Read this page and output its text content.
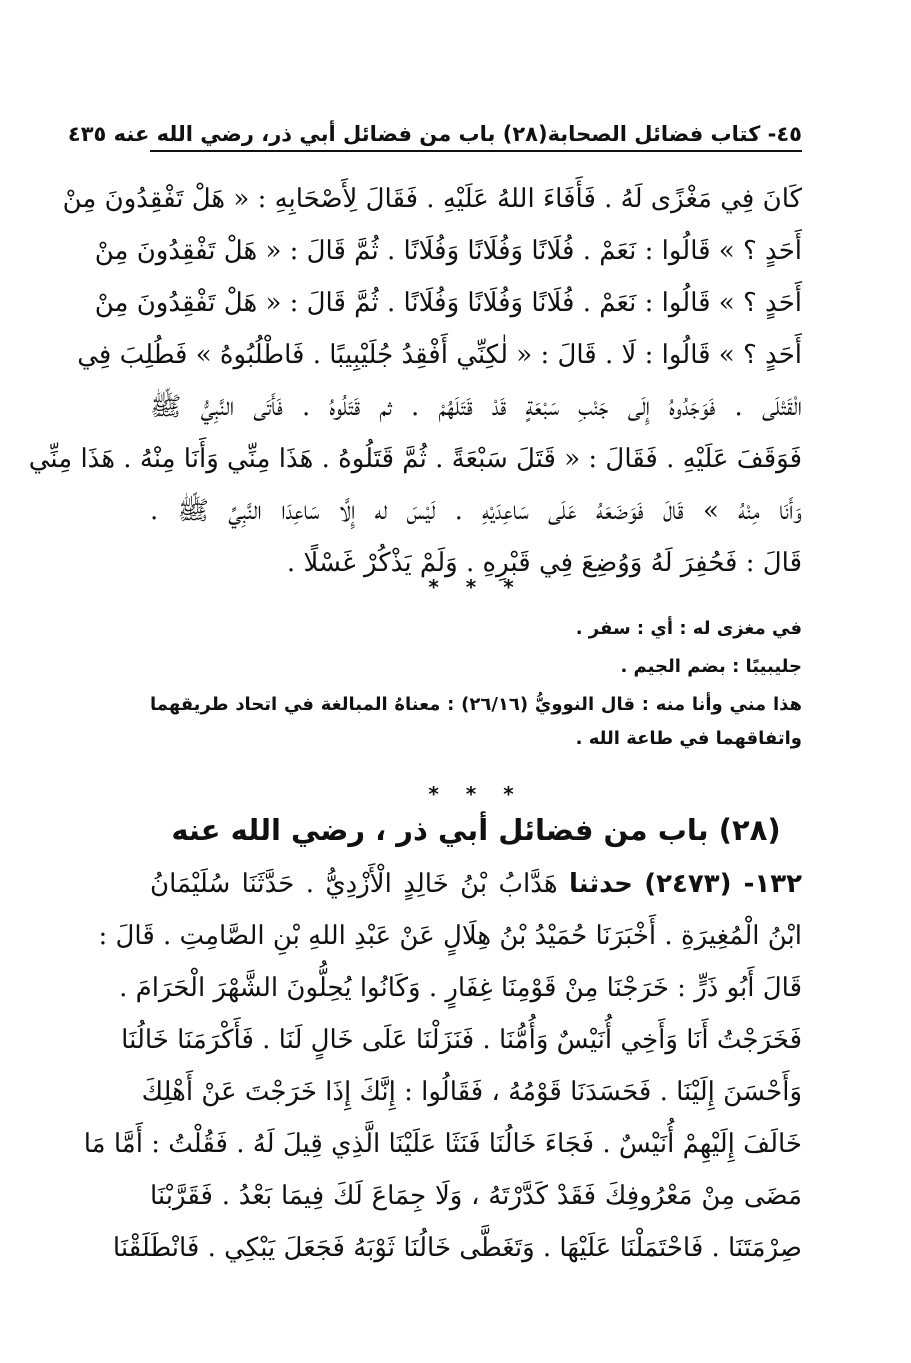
٤٥- كتاب فضائل الصحابة
(٢٨) باب من فضائل أبي ذر، رضي الله عنه ٤٣٥
كَانَ فِي مَغْزًى لَهُ . فَأَفَاءَ اللهُ عَلَيْهِ . فَقَالَ لِأَصْحَابِهِ : « هَلْ تَفْقِدُونَ مِنْ
أَحَدٍ ؟ » قَالُوا : نَعَمْ . فُلَانًا وَفُلَانًا وَفُلَانًا . ثُمَّ قَالَ : « هَلْ تَفْقِدُونَ مِنْ
أَحَدٍ ؟ » قَالُوا : نَعَمْ . فُلَانًا وَفُلَانًا وَفُلَانًا . ثُمَّ قَالَ : « هَلْ تَفْقِدُونَ مِنْ
أَحَدٍ ؟ » قَالُوا : لَا . قَالَ : « لٰكِنِّي أَفْقِدُ جُلَيْبِيبًا . فَاطْلُبُوهُ » فَطُلِبَ فِي
الْقَتْلَى . فَوَجَدُوهُ إِلَى جَنْبِ سَبْعَةٍ قَدْ قَتَلَهُمْ . ثم قَتَلُوهُ . فَأَتَى النَّبِيُّ ﷺ
فَوَقَفَ عَلَيْهِ . فَقَالَ : « قَتَلَ سَبْعَةً . ثُمَّ قَتَلُوهُ . هَذَا مِنِّي وَأَنَا مِنْهُ . هَذَا مِنِّي
وَأَنَا مِنْهُ » قَالَ فَوَضَعَهُ عَلَى سَاعِدَيْهِ . لَيْسَ له إِلَّا سَاعِدَا النَّبِيِّ ﷺ .
قَالَ : فَحُفِرَ لَهُ وَوُضِعَ فِي قَبْرِهِ . وَلَمْ يَذْكُرْ غَسْلًا .
* * *
في مغزى له : أي : سفر .
جليبيبًا : بضم الجيم .
هذا مني وأنا منه : قال النوويُّ (٢٦/١٦) : معناهُ المبالغة في اتحاد طريقهما
واتفاقهما في طاعة الله .
* * *
(٢٨) باب من فضائل أبي ذر ، رضي الله عنه
١٣٢- (٢٤٧٣) حدثنا هَدَّابُ بْنُ خَالِدٍ الْأَزْدِيُّ . حَدَّثَنَا سُلَيْمَانُ
ابْنُ الْمُغِيرَةِ . أَخْبَرَنَا حُمَيْدُ بْنُ هِلَالٍ عَنْ عَبْدِ اللهِ بْنِ الصَّامِتِ . قَالَ :
قَالَ أَبُو ذَرٍّ : خَرَجْنَا مِنْ قَوْمِنَا غِفَارٍ . وَكَانُوا يُحِلُّونَ الشَّهْرَ الْحَرَامَ .
فَخَرَجْتُ أَنَا وَأَخِي أُنَيْسٌ وَأُمُّنَا . فَنَزَلْنَا عَلَى خَالٍ لَنَا . فَأَكْرَمَنَا خَالُنَا
وَأَحْسَنَ إِلَيْنَا . فَحَسَدَنَا قَوْمُهُ ، فَقَالُوا : إِنَّكَ إِذَا خَرَجْتَ عَنْ أَهْلِكَ
خَالَفَ إِلَيْهِمْ أُنَيْسٌ . فَجَاءَ خَالُنَا فَنَثَا عَلَيْنَا الَّذِي قِيلَ لَهُ . فَقُلْتُ : أَمَّا مَا
مَضَى مِنْ مَعْرُوفِكَ فَقَدْ كَدَّرْتَهُ ، وَلَا جِمَاعَ لَكَ فِيمَا بَعْدُ . فَقَرَّبْنَا
صِرْمَتَنَا . فَاحْتَمَلْنَا عَلَيْهَا . وَتَغَطَّى خَالُنَا ثَوْبَهُ فَجَعَلَ يَبْكِي . فَانْطَلَقْنَا
